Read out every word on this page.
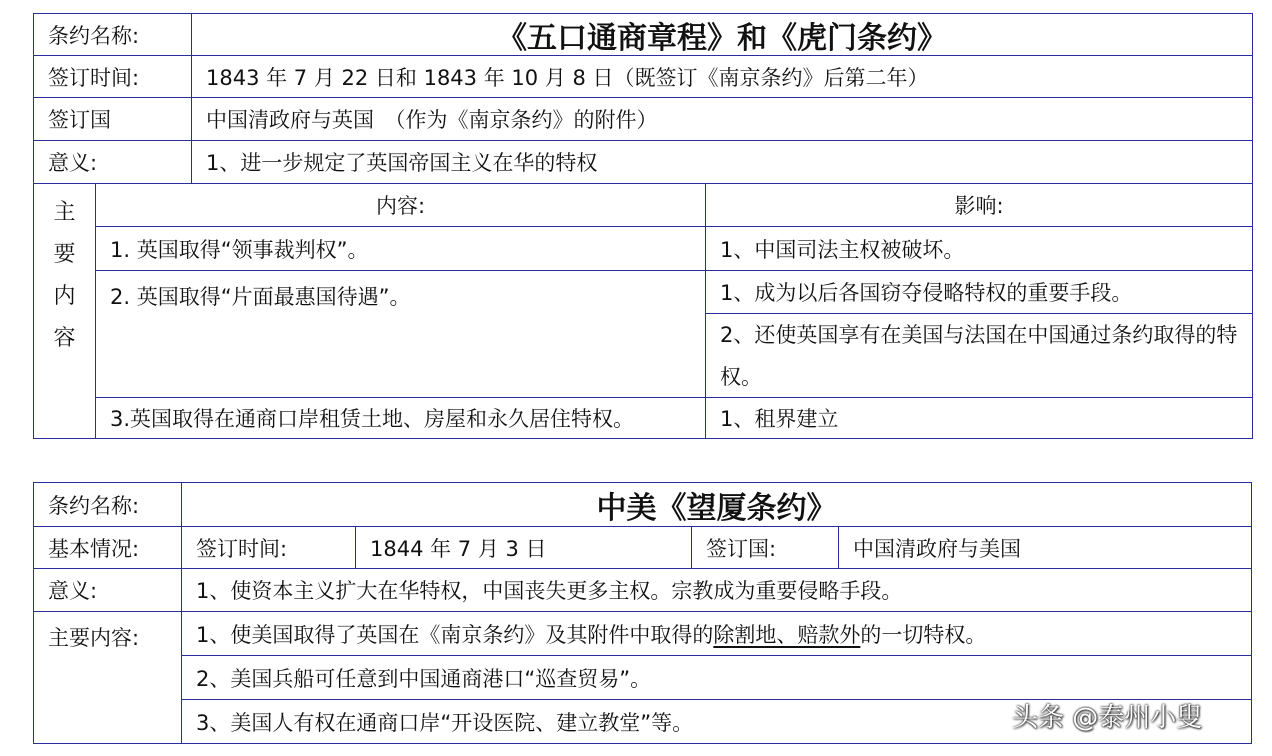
条约名称:	《五口通商章程》和《虎门条约》
签订时间:	1843 年 7 月 22 日和 1843 年 10 月 8 日（既签订《南京条约》后第二年）
签订国	中国清政府与英国　（作为《南京条约》的附件）
意义:	1、进一步规定了英国帝国主义在华的特权
主
要
内
容
内容:	影响:
1. 英国取得“领事裁判权”。	1、中国司法主权被破坏。
2. 英国取得“片面最惠国待遇”。	1、成为以后各国窃夺侵略特权的重要手段。
2、还使英国享有在美国与法国在中国通过条约取得的特权。
3.英国取得在通商口岸租赁土地、房屋和永久居住特权。	1、租界建立
条约名称:	中美《望厦条约》
基本情况:	签订时间:	1844 年 7 月 3 日	签订国:	中国清政府与美国
意义:	1、使资本主义扩大在华特权，中国丧失更多主权。宗教成为重要侵略手段。
主要内容:	1、使美国取得了英国在《南京条约》及其附件中取得的 除割地、赔款外 的一切特权。
2、美国兵船可任意到中国通商港口“巡查贸易”。
3、美国人有权在通商口岸“开设医院、建立教堂”等。	头条 @泰州小叟
